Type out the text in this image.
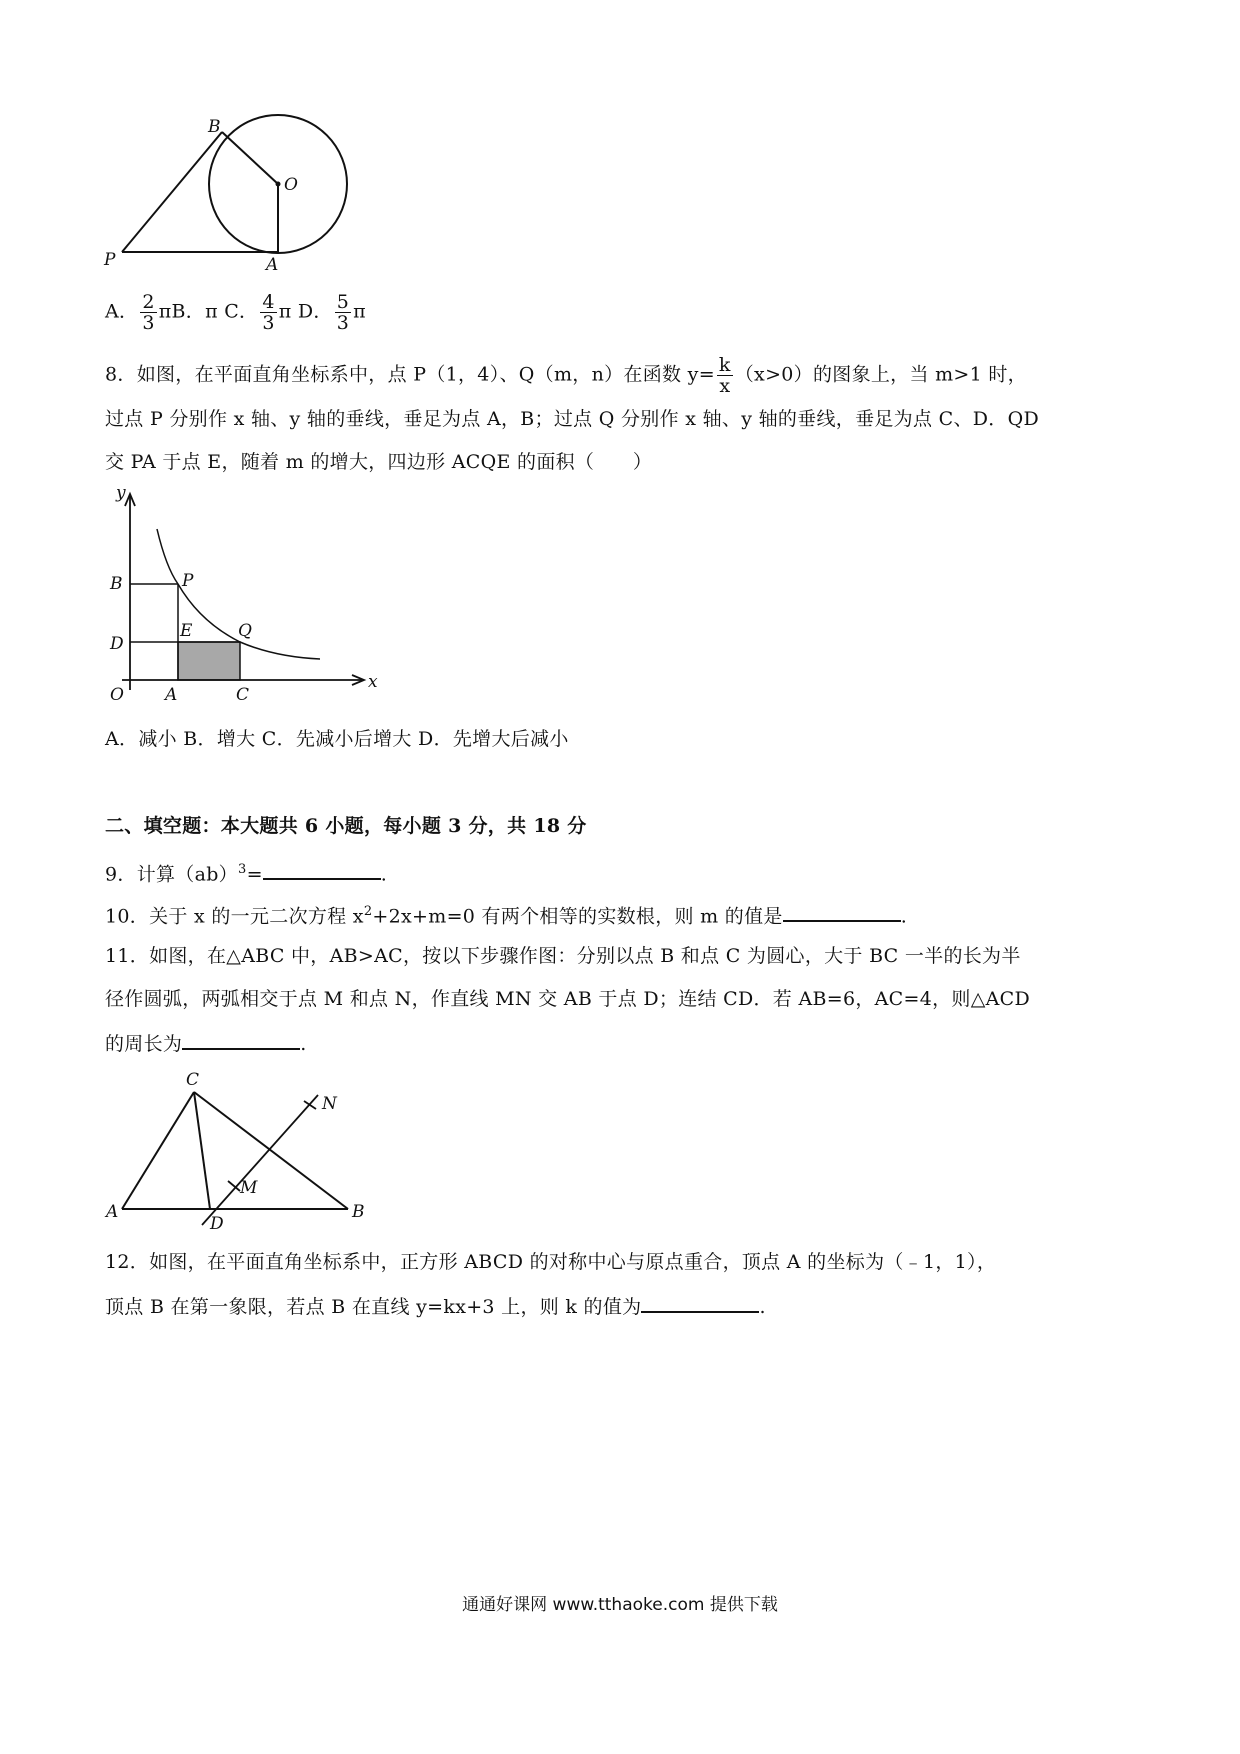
B
O
P	A
A． $\frac{2}{3}$ πB．π C． $\frac{4}{3}$ π D． $\frac{5}{3}$ π
8．如图，在平面直角坐标系中，点 P（1，4）、Q（m，n）在函数 $y= \frac{k}{x} (x>0)$的图象上，当 m>1 时，
过点 P 分别作 x 轴、y 轴的垂线，垂足为点 A，B；过点 Q 分别作 x 轴、y 轴的垂线，垂足为点 C、D．QD
交 PA 于点 E，随着 m 的增大，四边形 ACQE 的面积（　　）
y
x
B	P
D
E	Q
O A	C
A．减小 B．增大 C．先减小后增大 D．先增大后减小
二、填空题：本大题共 6 小题，每小题 3 分，共 18 分
9．计算（ab）$^3$=	.
10．关于 x 的一元二次方程 $x^2+2x+m=0$ 有两个相等的实数根，则 m 的值是	.
11．如图，在△ABC 中，AB>AC，按以下步骤作图：分别以点 B 和点 C 为圆心，大于 BC 一半的长为半
径作圆弧，两弧相交于点 M 和点 N，作直线 MN 交 AB 于点 D；连结 CD．若 AB=6，AC=4，则△ACD
的周长为	.
C
N
M
A
D
B
12．如图，在平面直角坐标系中，正方形 ABCD 的对称中心与原点重合，顶点 A 的坐标为（﹣1，1），
顶点 B 在第一象限，若点 B 在直线 y=kx+3 上，则 k 的值为	.
通通好课网 www.tthaoke.com 提供下载
